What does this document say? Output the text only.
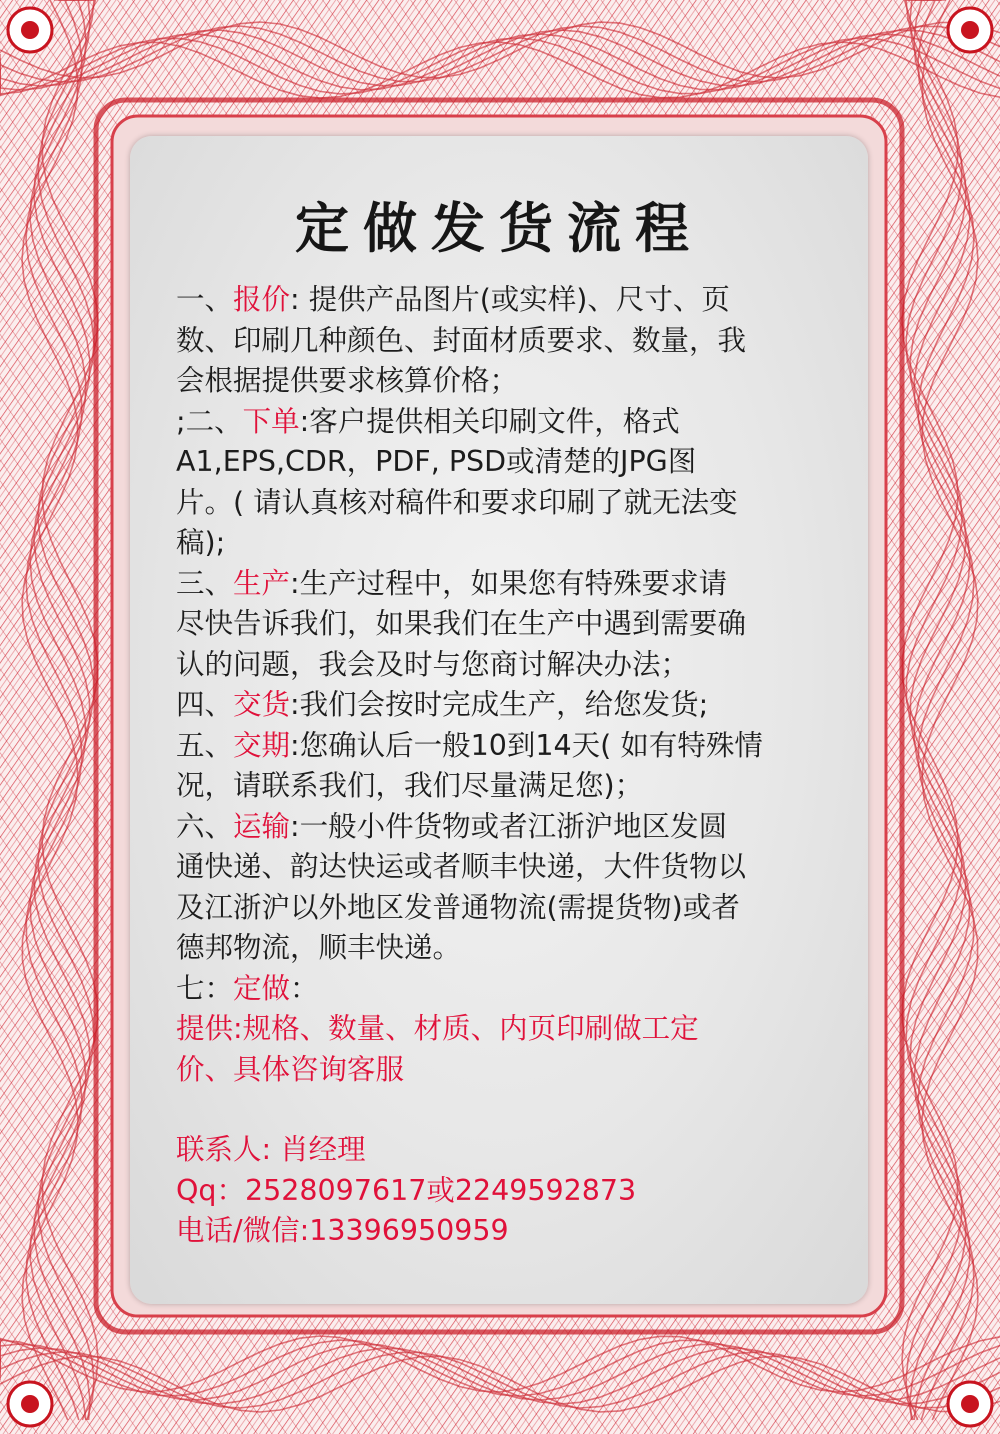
定做发货流程
一、报价: 提供产品图片(或实样)、尺寸、页
数、印刷几种颜色、封面材质要求、数量，我
会根据提供要求核算价格；
;二、下单:客户提供相关印刷文件，格式
A1,EPS,CDR，PDF, PSD或清楚的JPG图
片。( 请认真核对稿件和要求印刷了就无法变
稿);
三、生产:生产过程中，如果您有特殊要求请
尽快告诉我们，如果我们在生产中遇到需要确
认的问题，我会及时与您商讨解决办法；
四、交货:我们会按时完成生产，给您发货;
五、交期:您确认后一般10到14天( 如有特殊情
况，请联系我们，我们尽量满足您)；
六、运输:一般小件货物或者江浙沪地区发圆
通快递、韵达快运或者顺丰快递，大件货物以
及江浙沪以外地区发普通物流(需提货物)或者
德邦物流，顺丰快递。
七：定做：
提供:规格、数量、材质、内页印刷做工定
价、具体咨询客服
联系人: 肖经理
Qq：2528097617或2249592873
电话/微信:13396950959
